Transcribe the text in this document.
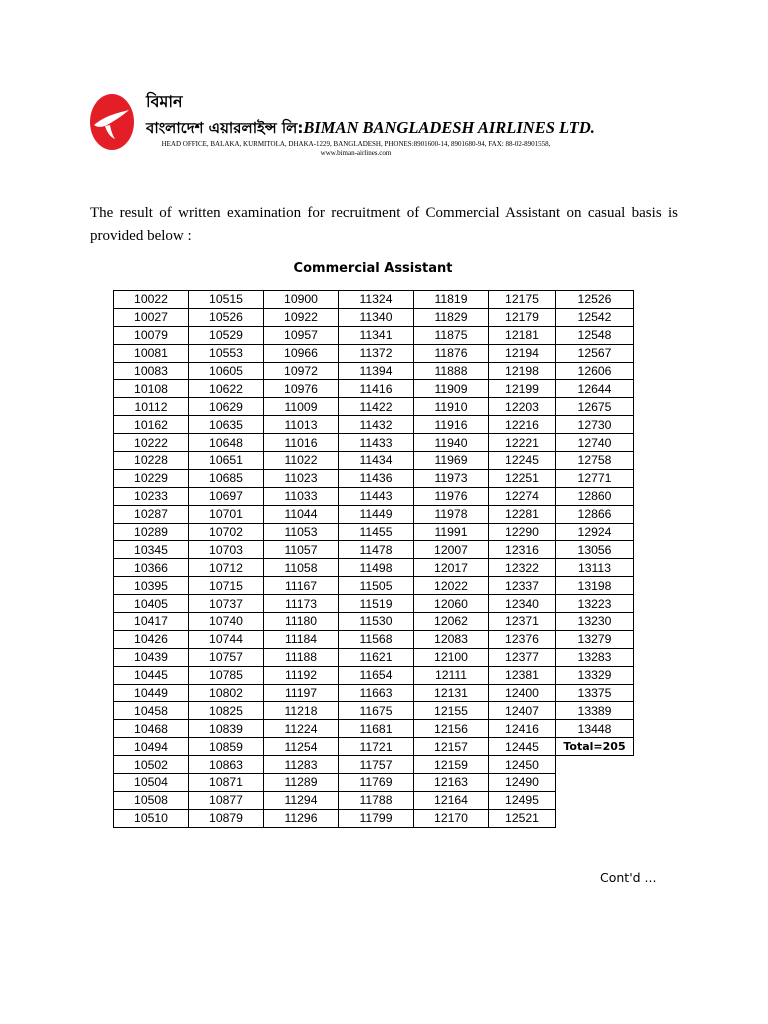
বিমান
বাংলাদেশ এয়ারলাইন্স লি:BIMAN BANGLADESH AIRLINES LTD.
HEAD OFFICE, BALAKA, KURMITOLA, DHAKA-1229, BANGLADESH, PHONES:8901600-14, 8901680-94, FAX: 88-02-8901558,
www.biman-airlines.com
The result of written examination for recruitment of Commercial Assistant on casual basis is provided below :
Commercial Assistant
10022	10515	10900	11324	11819	12175	12526
10027	10526	10922	11340	11829	12179	12542
10079	10529	10957	11341	11875	12181	12548
10081	10553	10966	11372	11876	12194	12567
10083	10605	10972	11394	11888	12198	12606
10108	10622	10976	11416	11909	12199	12644
10112	10629	11009	11422	11910	12203	12675
10162	10635	11013	11432	11916	12216	12730
10222	10648	11016	11433	11940	12221	12740
10228	10651	11022	11434	11969	12245	12758
10229	10685	11023	11436	11973	12251	12771
10233	10697	11033	11443	11976	12274	12860
10287	10701	11044	11449	11978	12281	12866
10289	10702	11053	11455	11991	12290	12924
10345	10703	11057	11478	12007	12316	13056
10366	10712	11058	11498	12017	12322	13113
10395	10715	11167	11505	12022	12337	13198
10405	10737	11173	11519	12060	12340	13223
10417	10740	11180	11530	12062	12371	13230
10426	10744	11184	11568	12083	12376	13279
10439	10757	11188	11621	12100	12377	13283
10445	10785	11192	11654	12111	12381	13329
10449	10802	11197	11663	12131	12400	13375
10458	10825	11218	11675	12155	12407	13389
10468	10839	11224	11681	12156	12416	13448
10494	10859	11254	11721	12157	12445	Total=205
10502	10863	11283	11757	12159	12450	
10504	10871	11289	11769	12163	12490	
10508	10877	11294	11788	12164	12495	
10510	10879	11296	11799	12170	12521	
Cont'd ...
